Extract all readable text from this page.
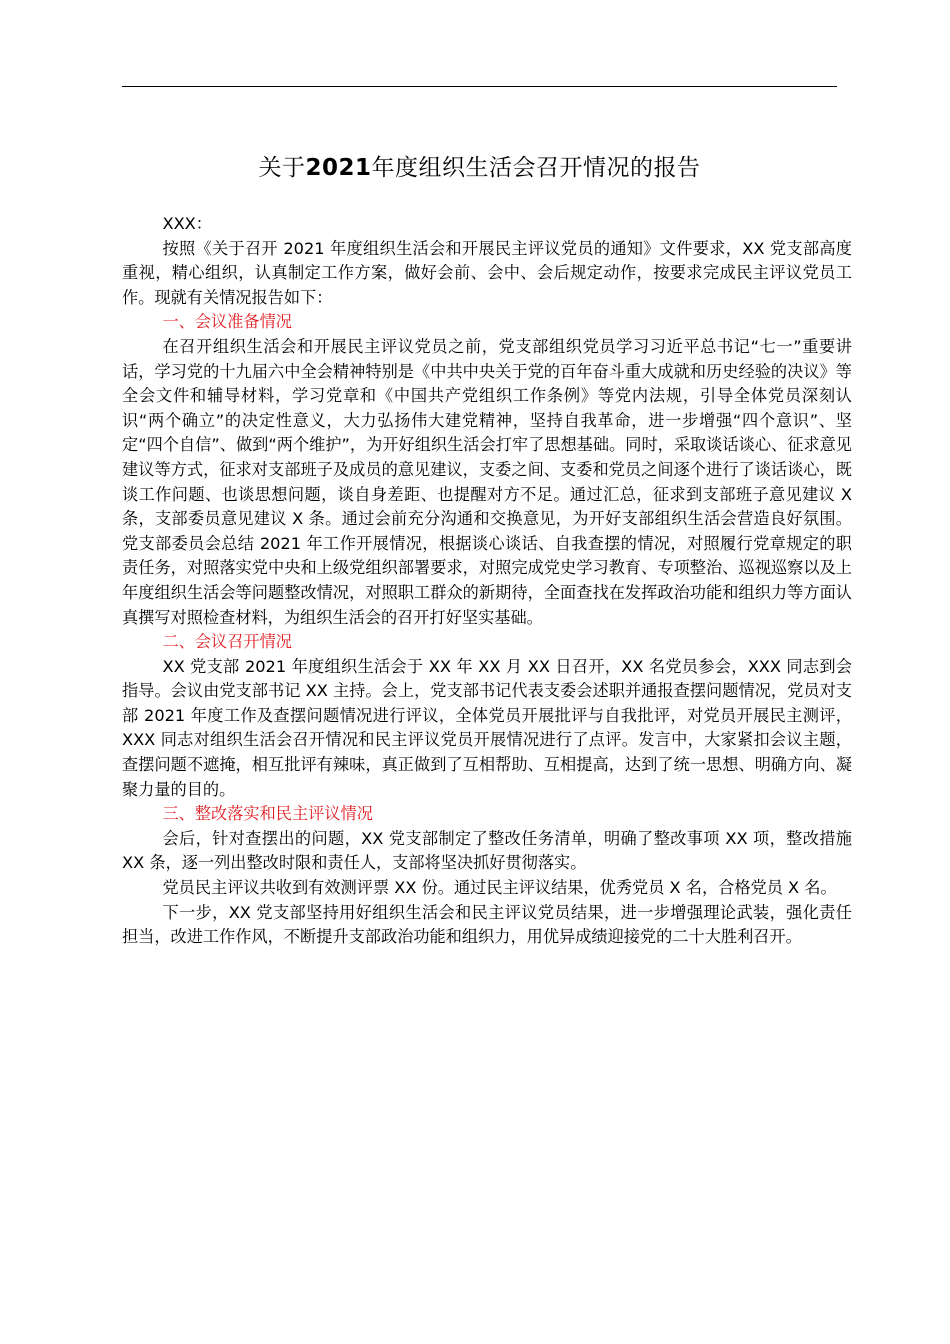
关于2021年度组织生活会召开情况的报告

XXX：

按照《关于召开 2021 年度组织生活会和开展民主评议党员的通知》文件要求，XX 党支部高度重视，精心组织，认真制定工作方案，做好会前、会中、会后规定动作，按要求完成民主评议党员工作。现就有关情况报告如下：

一、会议准备情况

在召开组织生活会和开展民主评议党员之前，党支部组织党员学习习近平总书记“七一”重要讲话，学习党的十九届六中全会精神特别是《中共中央关于党的百年奋斗重大成就和历史经验的决议》等全会文件和辅导材料，学习党章和《中国共产党组织工作条例》等党内法规，引导全体党员深刻认识“两个确立”的决定性意义，大力弘扬伟大建党精神，坚持自我革命，进一步增强“四个意识”、坚定“四个自信”、做到“两个维护”，为开好组织生活会打牢了思想基础。同时，采取谈话谈心、征求意见建议等方式，征求对支部班子及成员的意见建议，支委之间、支委和党员之间逐个进行了谈话谈心，既谈工作问题、也谈思想问题，谈自身差距、也提醒对方不足。通过汇总，征求到支部班子意见建议 X 条，支部委员意见建议 X 条。通过会前充分沟通和交换意见，为开好支部组织生活会营造良好氛围。党支部委员会总结 2021 年工作开展情况，根据谈心谈话、自我查摆的情况，对照履行党章规定的职责任务，对照落实党中央和上级党组织部署要求，对照完成党史学习教育、专项整治、巡视巡察以及上年度组织生活会等问题整改情况，对照职工群众的新期待，全面查找在发挥政治功能和组织力等方面认真撰写对照检查材料，为组织生活会的召开打好坚实基础。

二、会议召开情况

XX 党支部 2021 年度组织生活会于 XX 年 XX 月 XX 日召开，XX 名党员参会，XXX 同志到会指导。会议由党支部书记 XX 主持。会上，党支部书记代表支委会述职并通报查摆问题情况，党员对支部 2021 年度工作及查摆问题情况进行评议，全体党员开展批评与自我批评，对党员开展民主测评，XXX 同志对组织生活会召开情况和民主评议党员开展情况进行了点评。发言中，大家紧扣会议主题，查摆问题不遮掩，相互批评有辣味，真正做到了互相帮助、互相提高，达到了统一思想、明确方向、凝聚力量的目的。

三、整改落实和民主评议情况

会后，针对查摆出的问题，XX 党支部制定了整改任务清单，明确了整改事项 XX 项，整改措施 XX 条，逐一列出整改时限和责任人，支部将坚决抓好贯彻落实。

党员民主评议共收到有效测评票 XX 份。通过民主评议结果，优秀党员 X 名，合格党员 X 名。

下一步，XX 党支部坚持用好组织生活会和民主评议党员结果，进一步增强理论武装，强化责任担当，改进工作作风，不断提升支部政治功能和组织力，用优异成绩迎接党的二十大胜利召开。
